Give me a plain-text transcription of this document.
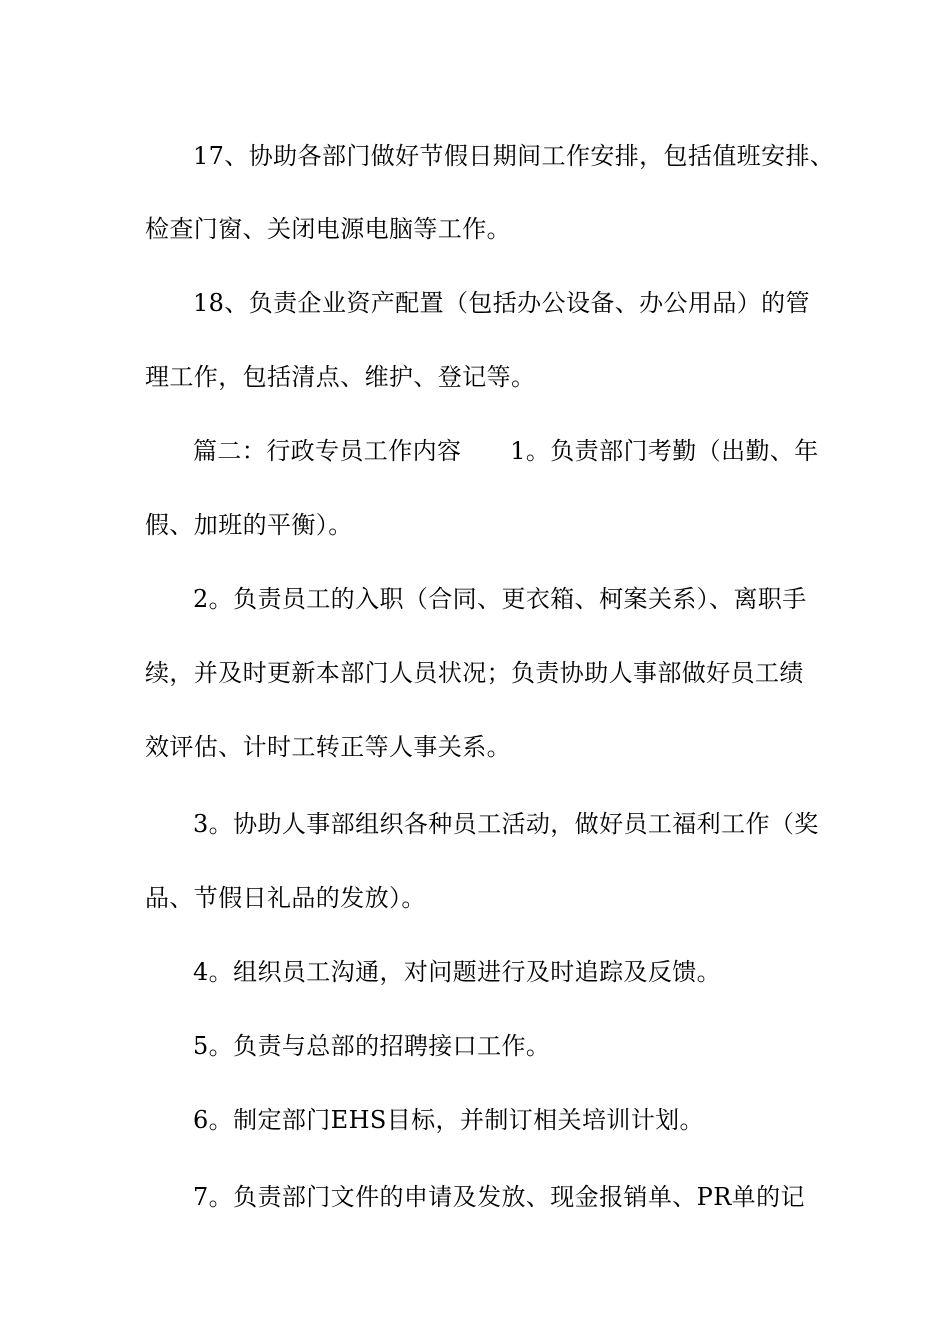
17、协助各部门做好节假日期间工作安排，包括值班安排、
检查门窗、关闭电源电脑等工作。
18、负责企业资产配置（包括办公设备、办公用品）的管
理工作，包括清点、维护、登记等。
篇二：行政专员工作内容　　1。负责部门考勤（出勤、年
假、加班的平衡）。
2。负责员工的入职（合同、更衣箱、柯案关系）、离职手
续，并及时更新本部门人员状况；负责协助人事部做好员工绩
效评估、计时工转正等人事关系。
3。协助人事部组织各种员工活动，做好员工福利工作（奖
品、节假日礼品的发放）。
4。组织员工沟通，对问题进行及时追踪及反馈。
5。负责与总部的招聘接口工作。
6。制定部门EHS目标，并制订相关培训计划。
7。负责部门文件的申请及发放、现金报销单、PR单的记
